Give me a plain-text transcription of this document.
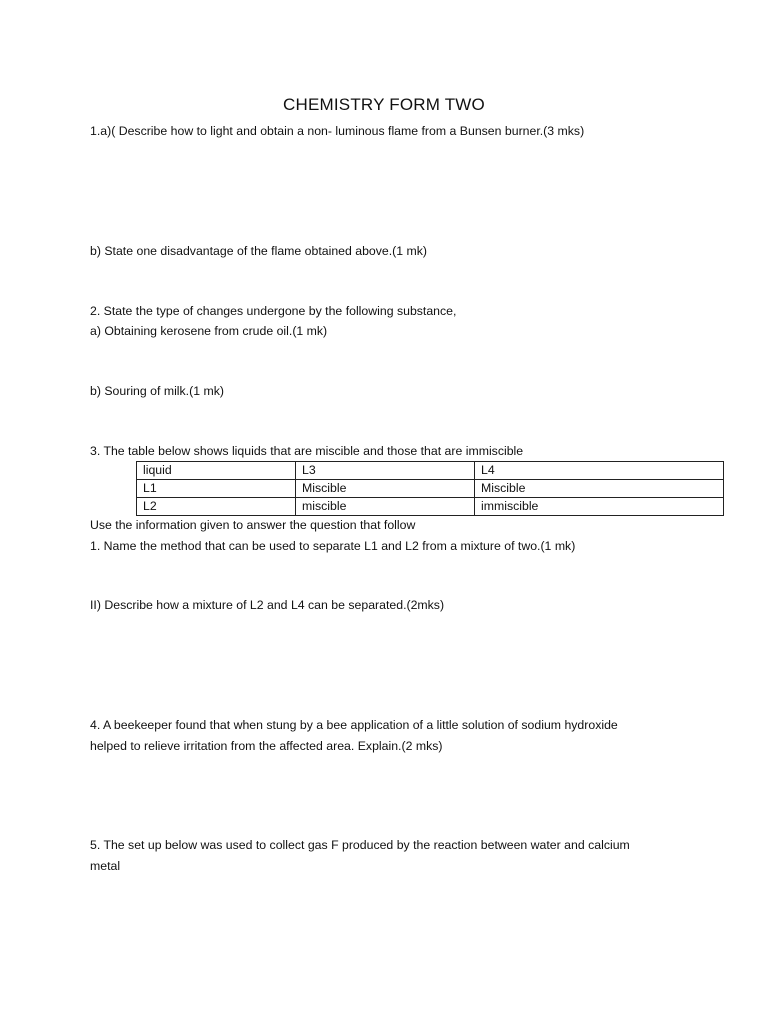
CHEMISTRY FORM TWO
1.a)( Describe how to light and obtain a non- luminous flame from a Bunsen burner.(3 mks)
b) State one disadvantage of the flame obtained above.(1 mk)
2. State the type of changes undergone by the following substance,
a) Obtaining kerosene from crude oil.(1 mk)
b) Souring of milk.(1 mk)
3. The table below shows liquids that are miscible and those that are immiscible
liquid	L3	L4
L1	Miscible	Miscible
L2	miscible	immiscible
Use the information given to answer the question that follow
1. Name the method that can be used to separate L1 and L2 from a mixture of two.(1 mk)
II) Describe how a mixture of L2 and L4 can be separated.(2mks)
4. A beekeeper found that when stung by a bee application of a little solution of sodium hydroxide
helped to relieve irritation from the affected area. Explain.(2 mks)
5. The set up below was used to collect gas F produced by the reaction between water and calcium
metal
